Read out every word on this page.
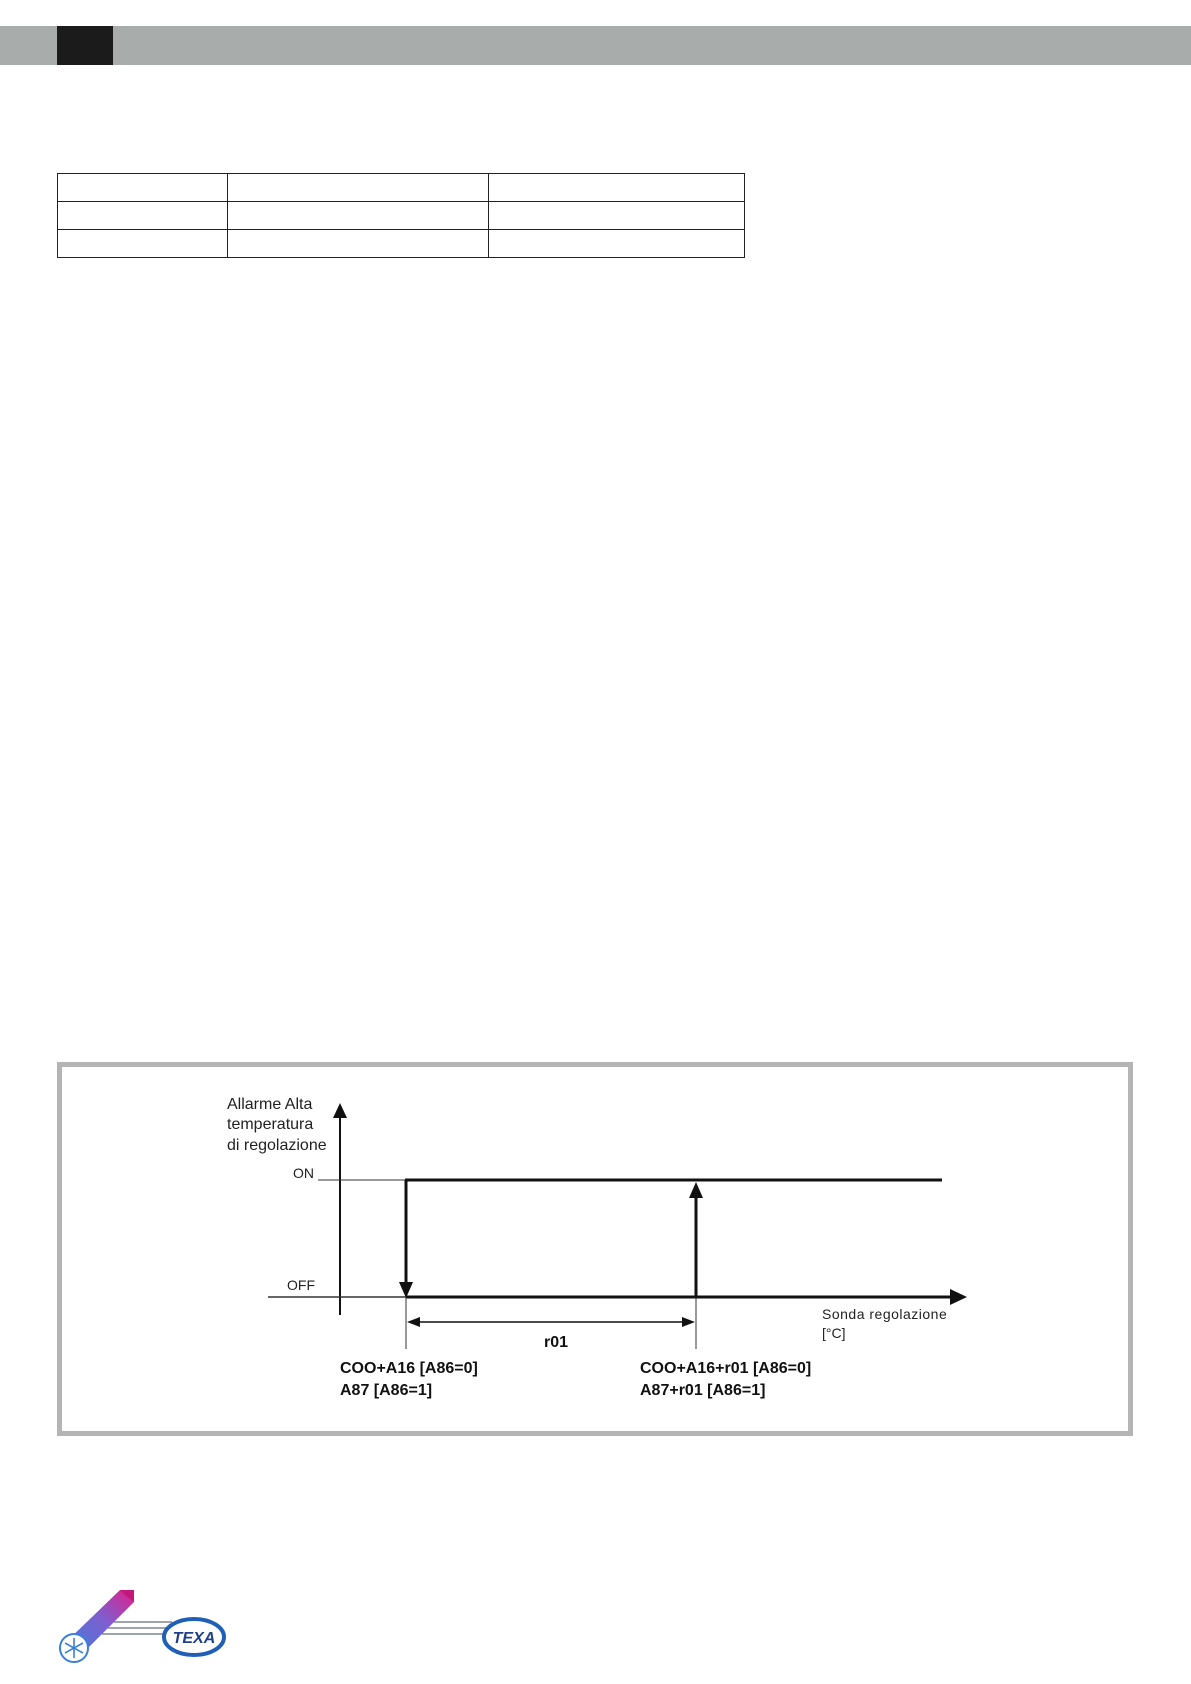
Allarme Alta
temperatura
di regolazione
ON
OFF
r01
Sonda regolazione
[°C]
COO+A16 [A86=0]
A87 [A86=1]
COO+A16+r01 [A86=0]
A87+r01 [A86=1]
TEXA
